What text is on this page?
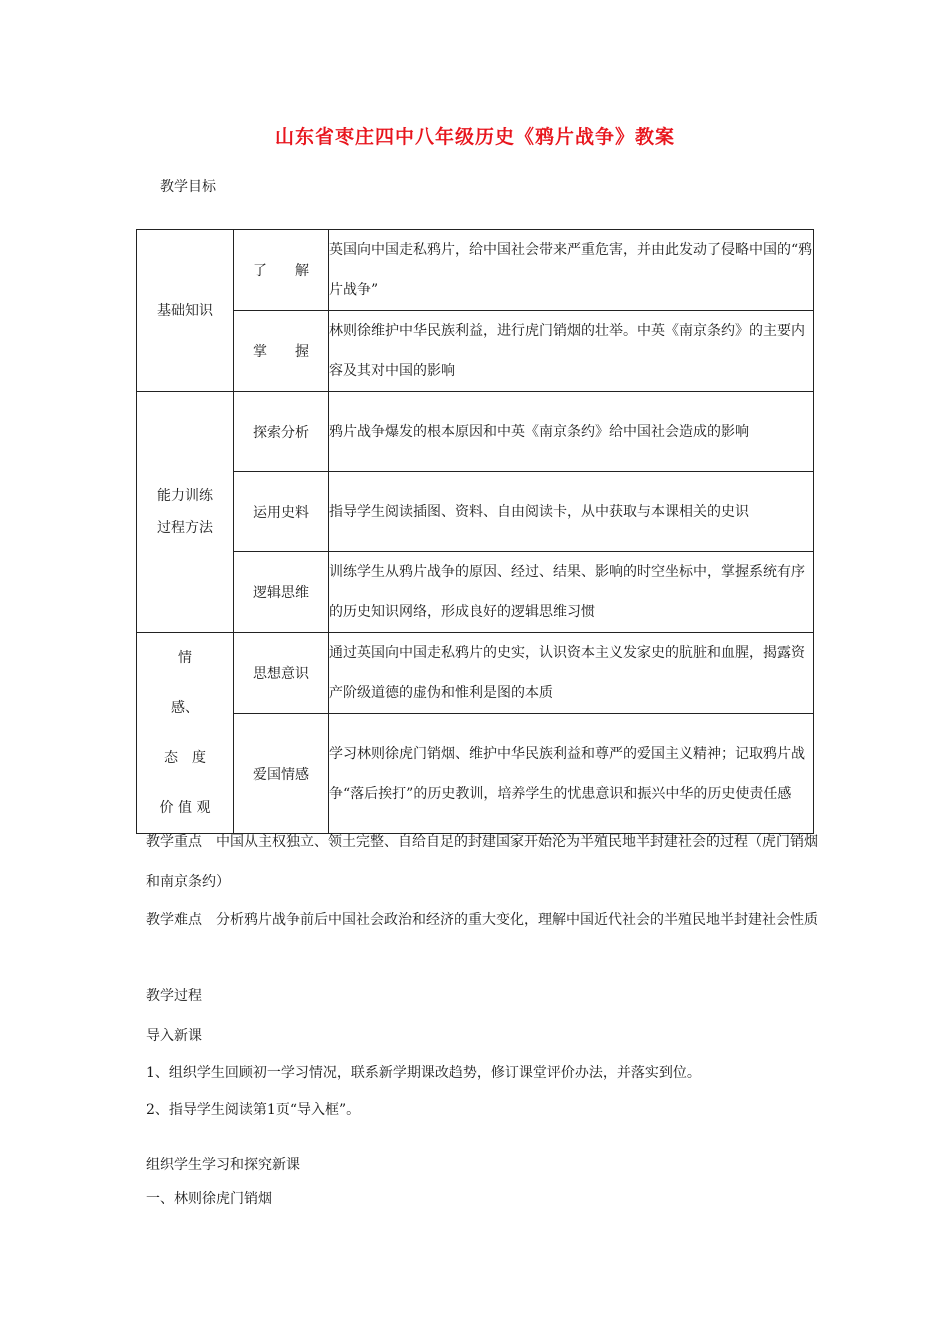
山东省枣庄四中八年级历史《鸦片战争》教案
教学目标
基础知识	了　　解	英国向中国走私鸦片，给中国社会带来严重危害，并由此发动了侵略中国的“鸦片战争”
	掌　　握	林则徐维护中华民族利益，进行虎门销烟的壮举。中英《南京条约》的主要内容及其对中国的影响

能力训练
过程方法	探索分析	鸦片战争爆发的根本原因和中英《南京条约》给中国社会造成的影响
	运用史料	指导学生阅读插图、资料、自由阅读卡，从中获取与本课相关的史识
	逻辑思维	训练学生从鸦片战争的原因、经过、结果、影响的时空坐标中，掌握系统有序的历史知识网络，形成良好的逻辑思维习惯

情
感、
态　度
价 值 观	思想意识	通过英国向中国走私鸦片的史实，认识资本主义发家史的肮脏和血腥，揭露资产阶级道德的虚伪和惟利是图的本质
	爱国情感	学习林则徐虎门销烟、维护中华民族利益和尊严的爱国主义精神；记取鸦片战争“落后挨打”的历史教训，培养学生的忧患意识和振兴中华的历史使责任感

教学重点　中国从主权独立、领土完整、自给自足的封建国家开始沦为半殖民地半封建社会的过程（虎门销烟和南京条约）

教学难点　分析鸦片战争前后中国社会政治和经济的重大变化，理解中国近代社会的半殖民地半封建社会性质

教学过程

导入新课

1、组织学生回顾初一学习情况，联系新学期课改趋势，修订课堂评价办法，并落实到位。

2、指导学生阅读第1页“导入框”。

组织学生学习和探究新课

一、林则徐虎门销烟
